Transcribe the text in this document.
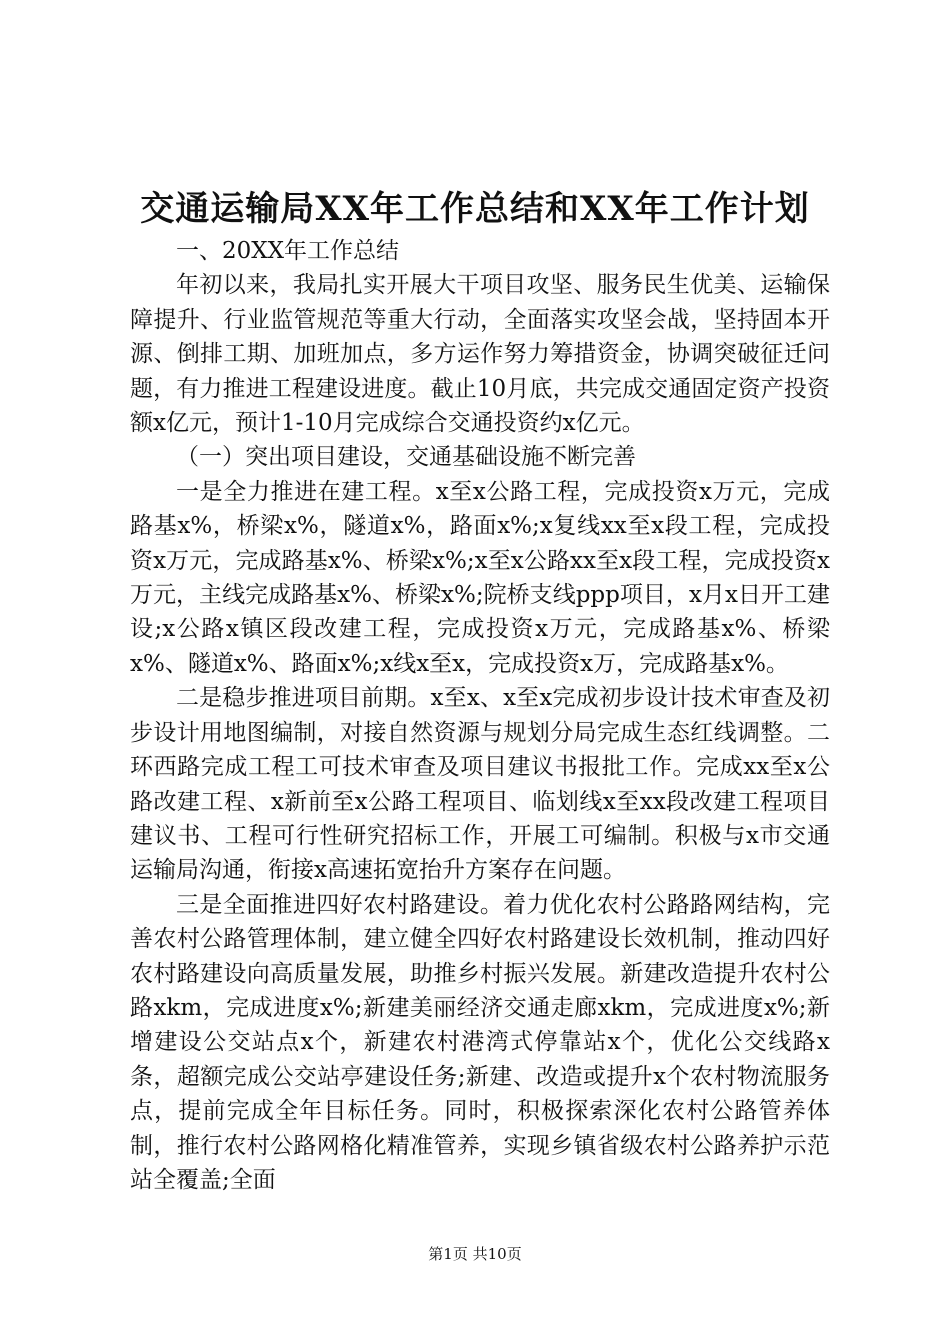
交通运输局XX年工作总结和XX年工作计划

一、20XX年工作总结

年初以来，我局扎实开展大干项目攻坚、服务民生优美、运输保障提升、行业监管规范等重大行动，全面落实攻坚会战，坚持固本开源、倒排工期、加班加点，多方运作努力筹措资金，协调突破征迁问题，有力推进工程建设进度。截止10月底，共完成交通固定资产投资额x亿元，预计1-10月完成综合交通投资约x亿元。

（一）突出项目建设，交通基础设施不断完善

一是全力推进在建工程。x至x公路工程，完成投资x万元，完成路基x%，桥梁x%，隧道x%，路面x%;x复线xx至x段工程，完成投资x万元，完成路基x%、桥梁x%;x至x公路xx至x段工程，完成投资x万元，主线完成路基x%、桥梁x%;院桥支线ppp项目，x月x日开工建设;x公路x镇区段改建工程，完成投资x万元，完成路基x%、桥梁x%、隧道x%、路面x%;x线x至x，完成投资x万，完成路基x%。

二是稳步推进项目前期。x至x、x至x完成初步设计技术审查及初步设计用地图编制，对接自然资源与规划分局完成生态红线调整。二环西路完成工程工可技术审查及项目建议书报批工作。完成xx至x公路改建工程、x新前至x公路工程项目、临划线x至xx段改建工程项目建议书、工程可行性研究招标工作，开展工可编制。积极与x市交通运输局沟通，衔接x高速拓宽抬升方案存在问题。

三是全面推进四好农村路建设。着力优化农村公路路网结构，完善农村公路管理体制，建立健全四好农村路建设长效机制，推动四好农村路建设向高质量发展，助推乡村振兴发展。新建改造提升农村公路xkm，完成进度x%;新建美丽经济交通走廊xkm，完成进度x%;新增建设公交站点x个，新建农村港湾式停靠站x个，优化公交线路x条，超额完成公交站亭建设任务;新建、改造或提升x个农村物流服务点，提前完成全年目标任务。同时，积极探索深化农村公路管养体制，推行农村公路网格化精准管养，实现乡镇省级农村公路养护示范站全覆盖;全面

第1页 共10页
